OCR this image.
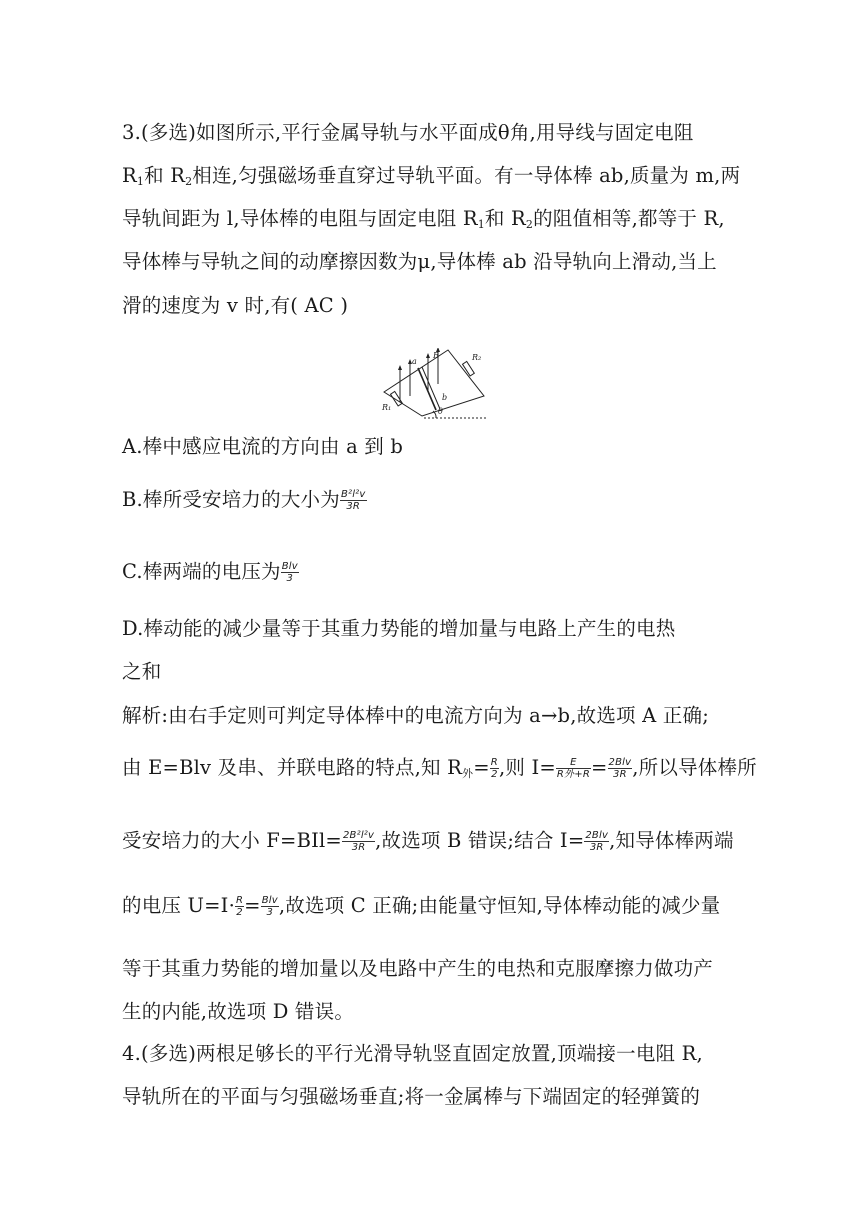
3.(多选)如图所示,平行金属导轨与水平面成θ角,用导线与固定电阻
$R_1$和 $R_2$相连,匀强磁场垂直穿过导轨平面。有一导体棒 ab,质量为 m,两
导轨间距为 l,导体棒的电阻与固定电阻 $R_1$和 $R_2$的阻值相等,都等于 R,
导体棒与导轨之间的动摩擦因数为μ,导体棒 ab 沿导轨向上滑动,当上
滑的速度为 v 时,有( AC )
a
b
B
R₁
R₂
θ
A.棒中感应电流的方向由 a 到 b
B.棒所受安培力的大小为 $\frac{\text{B²l²v}}{3R}$
C.棒两端的电压为 $\frac{\text{Blv}}{3}$
D.棒动能的减少量等于其重力势能的增加量与电路上产生的电热
之和
解析:由右手定则可判定导体棒中的电流方向为 a→b,故选项 A 正确;
由 E=Blv 及串、并联电路的特点,知 $R_外= \frac{R}{2}$ ,则 $I= \frac{E}{\text{R外+R}} = \frac{\text{2Blv}}{3R}$ ,所以导体棒所
受安培力的大小 $F=BIl= \frac{\text{2B²l²v}}{3R}$ ,故选项 B 错误;结合 $I= \frac{\text{2Blv}}{3R}$ ,知导体棒两端
的电压 $U=I\cdot \frac{R}{2} = \frac{\text{Blv}}{3}$ ,故选项 C 正确;由能量守恒知,导体棒动能的减少量
等于其重力势能的增加量以及电路中产生的电热和克服摩擦力做功产
生的内能,故选项 D 错误。
4.(多选)两根足够长的平行光滑导轨竖直固定放置,顶端接一电阻 R,
导轨所在的平面与匀强磁场垂直;将一金属棒与下端固定的轻弹簧的
